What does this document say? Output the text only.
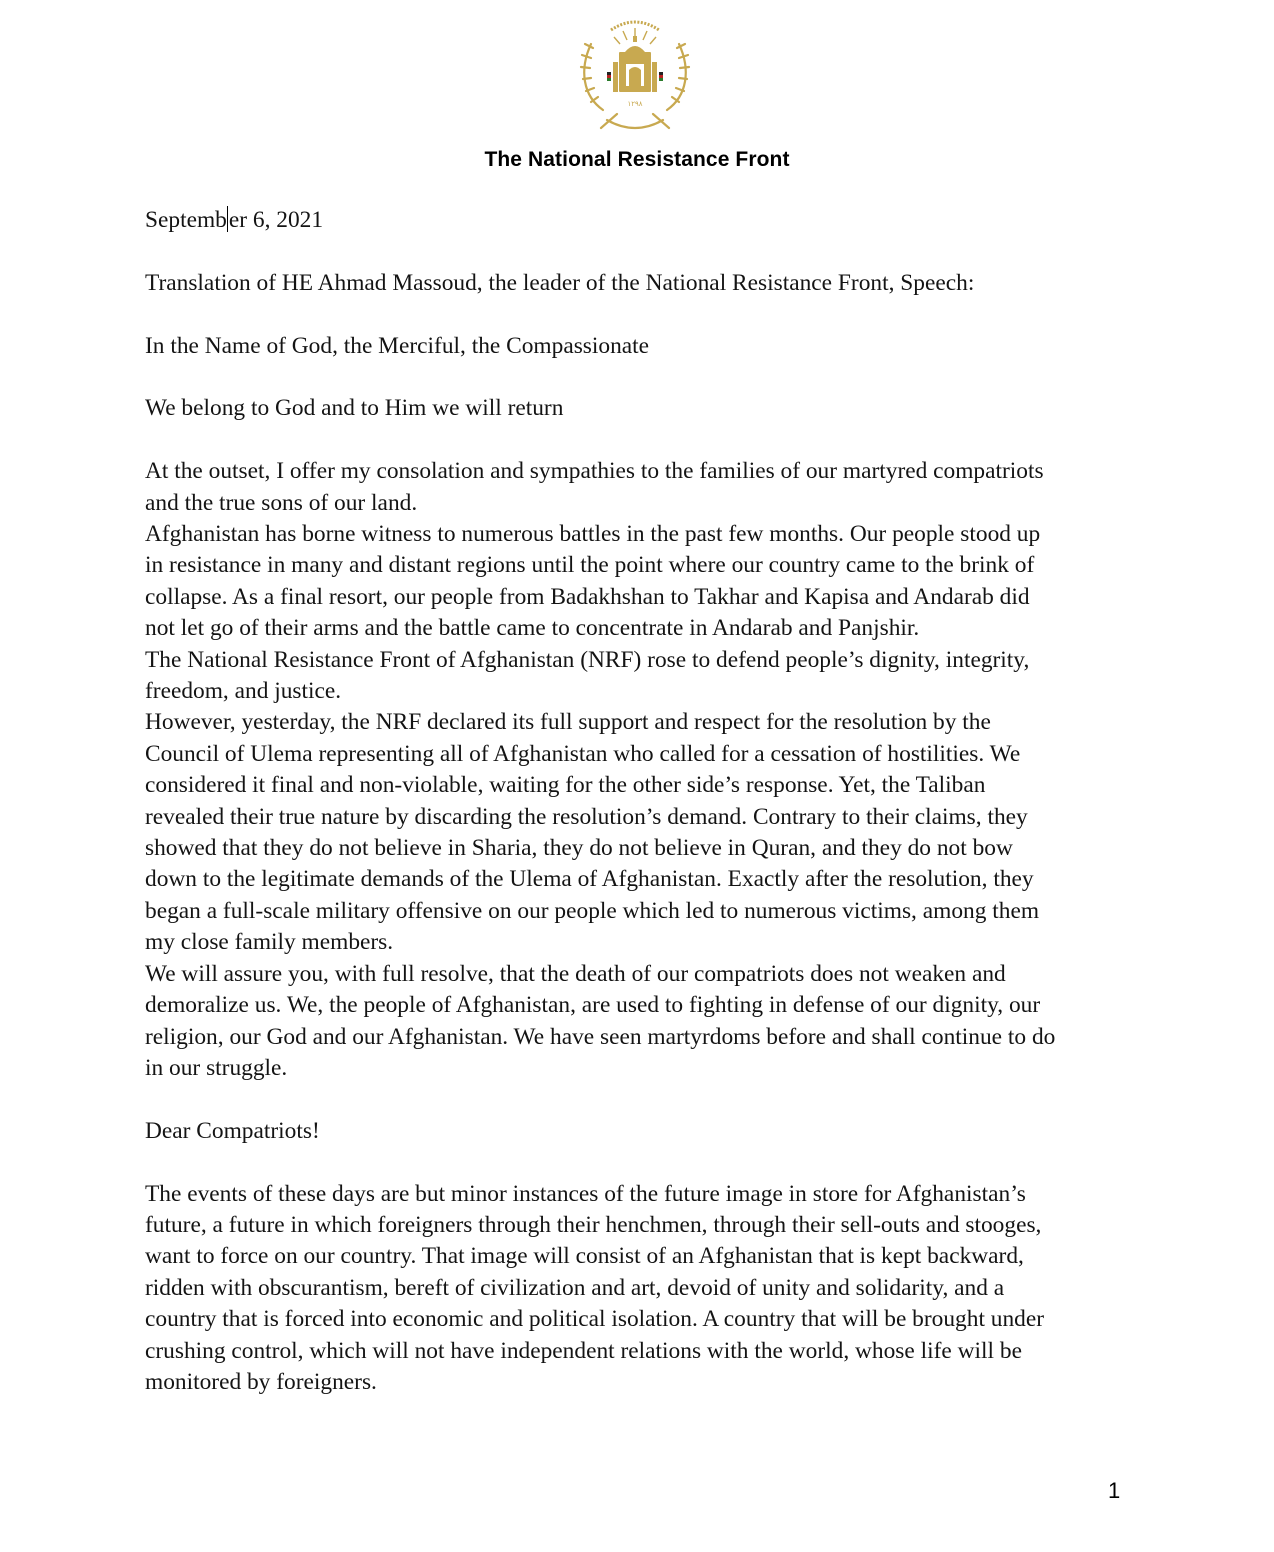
۱۲۹۸
The National Resistance Front

September 6, 2021

Translation of HE Ahmad Massoud, the leader of the National Resistance Front, Speech:

In the Name of God, the Merciful, the Compassionate

We belong to God and to Him we will return

At the outset, I offer my consolation and sympathies to the families of our martyred compatriots

and the true sons of our land.

Afghanistan has borne witness to numerous battles in the past few months. Our people stood up

in resistance in many and distant regions until the point where our country came to the brink of

collapse. As a final resort, our people from Badakhshan to Takhar and Kapisa and Andarab did

not let go of their arms and the battle came to concentrate in Andarab and Panjshir.

The National Resistance Front of Afghanistan (NRF) rose to defend people’s dignity, integrity,

freedom, and justice.

However, yesterday, the NRF declared its full support and respect for the resolution by the

Council of Ulema representing all of Afghanistan who called for a cessation of hostilities. We

considered it final and non-violable, waiting for the other side’s response. Yet, the Taliban

revealed their true nature by discarding the resolution’s demand. Contrary to their claims, they

showed that they do not believe in Sharia, they do not believe in Quran, and they do not bow

down to the legitimate demands of the Ulema of Afghanistan. Exactly after the resolution, they

began a full-scale military offensive on our people which led to numerous victims, among them

my close family members.

We will assure you, with full resolve, that the death of our compatriots does not weaken and

demoralize us. We, the people of Afghanistan, are used to fighting in defense of our dignity, our

religion, our God and our Afghanistan. We have seen martyrdoms before and shall continue to do

in our struggle.

Dear Compatriots!

The events of these days are but minor instances of the future image in store for Afghanistan’s

future, a future in which foreigners through their henchmen, through their sell-outs and stooges,

want to force on our country. That image will consist of an Afghanistan that is kept backward,

ridden with obscurantism, bereft of civilization and art, devoid of unity and solidarity, and a

country that is forced into economic and political isolation. A country that will be brought under

crushing control, which will not have independent relations with the world, whose life will be

monitored by foreigners.

1
